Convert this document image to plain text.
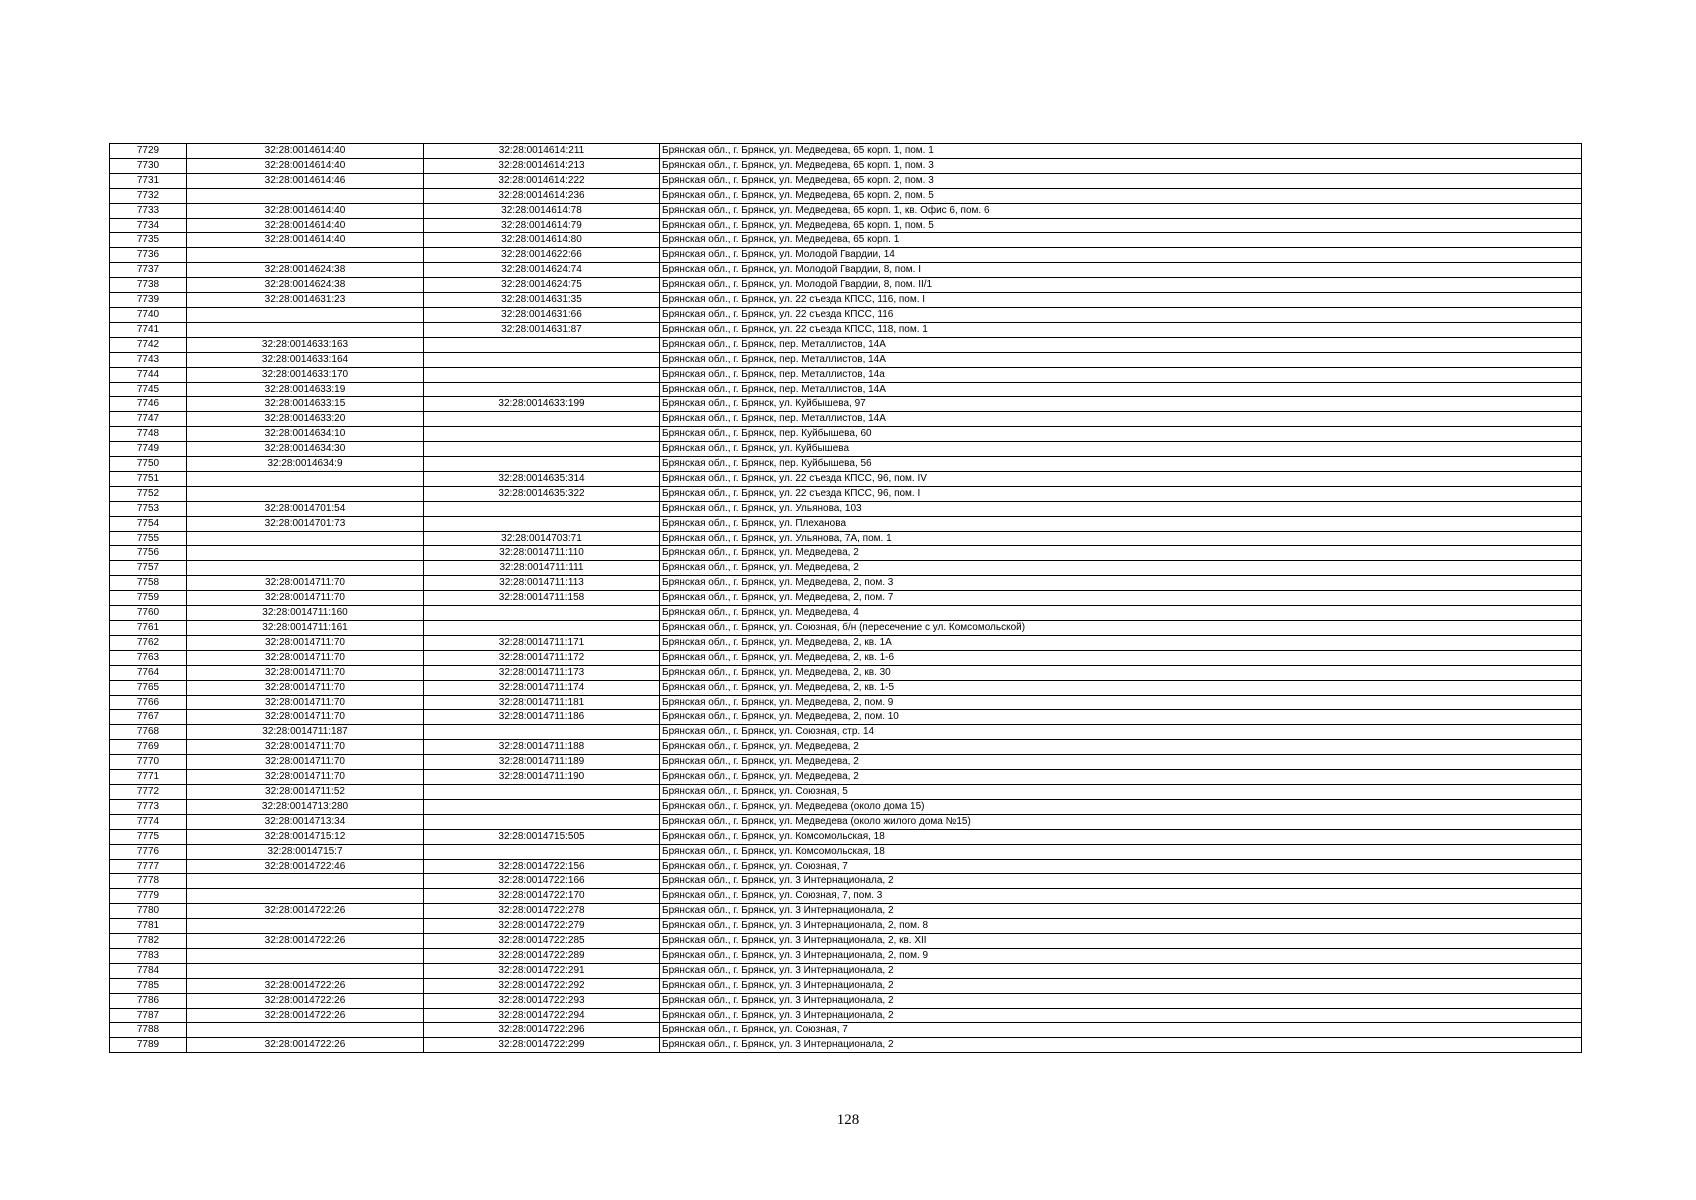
7729	32:28:0014614:40	32:28:0014614:211	Брянская обл., г. Брянск, ул. Медведева, 65 корп. 1, пом. 1
7730	32:28:0014614:40	32:28:0014614:213	Брянская обл., г. Брянск, ул. Медведева, 65 корп. 1, пом. 3
7731	32:28:0014614:46	32:28:0014614:222	Брянская обл., г. Брянск, ул. Медведева, 65 корп. 2, пом. 3
7732		32:28:0014614:236	Брянская обл., г. Брянск, ул. Медведева, 65 корп. 2, пом. 5
7733	32:28:0014614:40	32:28:0014614:78	Брянская обл., г. Брянск, ул. Медведева, 65 корп. 1, кв. Офис 6, пом. 6
7734	32:28:0014614:40	32:28:0014614:79	Брянская обл., г. Брянск, ул. Медведева, 65 корп. 1, пом. 5
7735	32:28:0014614:40	32:28:0014614:80	Брянская обл., г. Брянск, ул. Медведева, 65 корп. 1
7736		32:28:0014622:66	Брянская обл., г. Брянск, ул. Молодой Гвардии, 14
7737	32:28:0014624:38	32:28:0014624:74	Брянская обл., г. Брянск, ул. Молодой Гвардии, 8, пом. I
7738	32:28:0014624:38	32:28:0014624:75	Брянская обл., г. Брянск, ул. Молодой Гвардии, 8, пом. II/1
7739	32:28:0014631:23	32:28:0014631:35	Брянская обл., г. Брянск, ул. 22 съезда КПСС, 116, пом. I
7740		32:28:0014631:66	Брянская обл., г. Брянск, ул. 22 съезда КПСС, 116
7741		32:28:0014631:87	Брянская обл., г. Брянск, ул. 22 съезда КПСС, 118, пом. 1
7742	32:28:0014633:163		Брянская обл., г. Брянск, пер. Металлистов, 14А
7743	32:28:0014633:164		Брянская обл., г. Брянск, пер. Металлистов, 14А
7744	32:28:0014633:170		Брянская обл., г. Брянск, пер. Металлистов, 14а
7745	32:28:0014633:19		Брянская обл., г. Брянск, пер. Металлистов, 14А
7746	32:28:0014633:15	32:28:0014633:199	Брянская обл., г. Брянск, ул. Куйбышева, 97
7747	32:28:0014633:20		Брянская обл., г. Брянск, пер. Металлистов, 14А
7748	32:28:0014634:10		Брянская обл., г. Брянск, пер. Куйбышева, 60
7749	32:28:0014634:30		Брянская обл., г. Брянск, ул. Куйбышева
7750	32:28:0014634:9		Брянская обл., г. Брянск, пер. Куйбышева, 56
7751		32:28:0014635:314	Брянская обл., г. Брянск, ул. 22 съезда КПСС, 96, пом. IV
7752		32:28:0014635:322	Брянская обл., г. Брянск, ул. 22 съезда КПСС, 96, пом. I
7753	32:28:0014701:54		Брянская обл., г. Брянск, ул. Ульянова, 103
7754	32:28:0014701:73		Брянская обл., г. Брянск, ул. Плеханова
7755		32:28:0014703:71	Брянская обл., г. Брянск, ул. Ульянова, 7А, пом. 1
7756		32:28:0014711:110	Брянская обл., г. Брянск, ул. Медведева, 2
7757		32:28:0014711:111	Брянская обл., г. Брянск, ул. Медведева, 2
7758	32:28:0014711:70	32:28:0014711:113	Брянская обл., г. Брянск, ул. Медведева, 2, пом. 3
7759	32:28:0014711:70	32:28:0014711:158	Брянская обл., г. Брянск, ул. Медведева, 2, пом. 7
7760	32:28:0014711:160		Брянская обл., г. Брянск, ул. Медведева, 4
7761	32:28:0014711:161		Брянская обл., г. Брянск, ул. Союзная, б/н (пересечение с ул. Комсомольской)
7762	32:28:0014711:70	32:28:0014711:171	Брянская обл., г. Брянск, ул. Медведева, 2, кв. 1А
7763	32:28:0014711:70	32:28:0014711:172	Брянская обл., г. Брянск, ул. Медведева, 2, кв. 1-6
7764	32:28:0014711:70	32:28:0014711:173	Брянская обл., г. Брянск, ул. Медведева, 2, кв. 30
7765	32:28:0014711:70	32:28:0014711:174	Брянская обл., г. Брянск, ул. Медведева, 2, кв. 1-5
7766	32:28:0014711:70	32:28:0014711:181	Брянская обл., г. Брянск, ул. Медведева, 2, пом. 9
7767	32:28:0014711:70	32:28:0014711:186	Брянская обл., г. Брянск, ул. Медведева, 2, пом. 10
7768	32:28:0014711:187		Брянская обл., г. Брянск, ул. Союзная, стр. 14
7769	32:28:0014711:70	32:28:0014711:188	Брянская обл., г. Брянск, ул. Медведева, 2
7770	32:28:0014711:70	32:28:0014711:189	Брянская обл., г. Брянск, ул. Медведева, 2
7771	32:28:0014711:70	32:28:0014711:190	Брянская обл., г. Брянск, ул. Медведева, 2
7772	32:28:0014711:52		Брянская обл., г. Брянск, ул. Союзная, 5
7773	32:28:0014713:280		Брянская обл., г. Брянск, ул. Медведева (около дома 15)
7774	32:28:0014713:34		Брянская обл., г. Брянск, ул. Медведева (около жилого дома №15)
7775	32:28:0014715:12	32:28:0014715:505	Брянская обл., г. Брянск, ул. Комсомольская, 18
7776	32:28:0014715:7		Брянская обл., г. Брянск, ул. Комсомольская, 18
7777	32:28:0014722:46	32:28:0014722:156	Брянская обл., г. Брянск, ул. Союзная, 7
7778		32:28:0014722:166	Брянская обл., г. Брянск, ул. 3 Интернационала, 2
7779		32:28:0014722:170	Брянская обл., г. Брянск, ул. Союзная, 7, пом. 3
7780	32:28:0014722:26	32:28:0014722:278	Брянская обл., г. Брянск, ул. 3 Интернационала, 2
7781		32:28:0014722:279	Брянская обл., г. Брянск, ул. 3 Интернационала, 2, пом. 8
7782	32:28:0014722:26	32:28:0014722:285	Брянская обл., г. Брянск, ул. 3 Интернационала, 2, кв. XII
7783		32:28:0014722:289	Брянская обл., г. Брянск, ул. 3 Интернационала, 2, пом. 9
7784		32:28:0014722:291	Брянская обл., г. Брянск, ул. 3 Интернационала, 2
7785	32:28:0014722:26	32:28:0014722:292	Брянская обл., г. Брянск, ул. 3 Интернационала, 2
7786	32:28:0014722:26	32:28:0014722:293	Брянская обл., г. Брянск, ул. 3 Интернационала, 2
7787	32:28:0014722:26	32:28:0014722:294	Брянская обл., г. Брянск, ул. 3 Интернационала, 2
7788		32:28:0014722:296	Брянская обл., г. Брянск, ул. Союзная, 7
7789	32:28:0014722:26	32:28:0014722:299	Брянская обл., г. Брянск, ул. 3 Интернационала, 2
128
